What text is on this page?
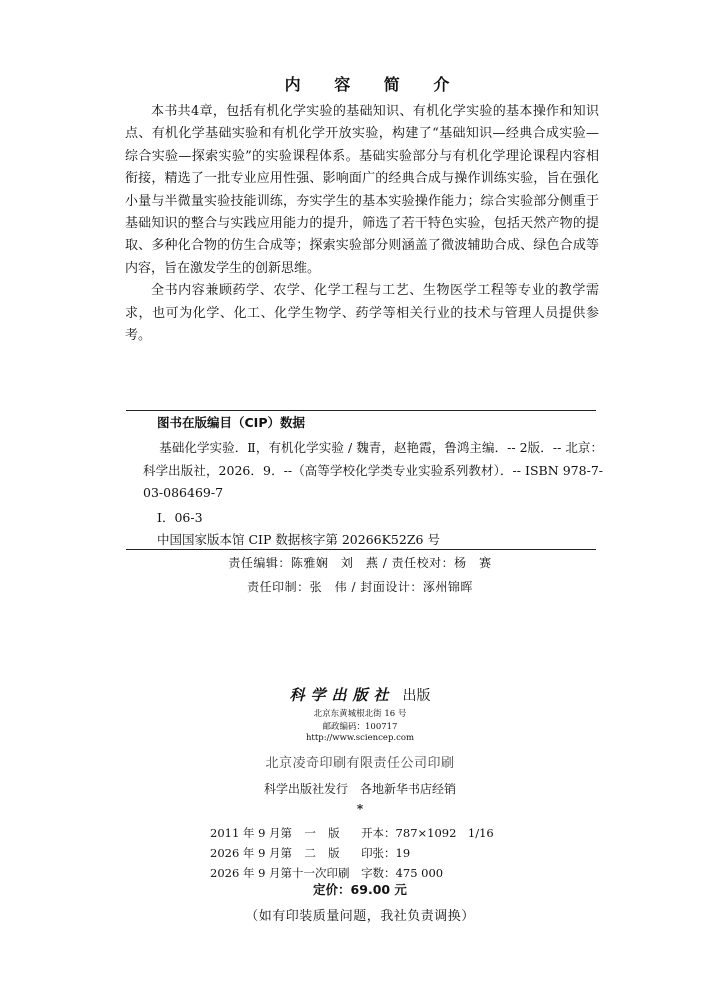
内 容 简 介

本书共4章，包括有机化学实验的基础知识、有机化学实验的基本操作和知识点、有机化学基础实验和有机化学开放实验，构建了“基础知识—经典合成实验—综合实验—探索实验”的实验课程体系。基础实验部分与有机化学理论课程内容相衔接，精选了一批专业应用性强、影响面广的经典合成与操作训练实验，旨在强化小量与半微量实验技能训练，夯实学生的基本实验操作能力；综合实验部分侧重于基础知识的整合与实践应用能力的提升，筛选了若干特色实验，包括天然产物的提取、多种化合物的仿生合成等；探索实验部分则涵盖了微波辅助合成、绿色合成等内容，旨在激发学生的创新思维。

全书内容兼顾药学、农学、化学工程与工艺、生物医学工程等专业的教学需求，也可为化学、化工、化学生物学、药学等相关行业的技术与管理人员提供参考。

图书在版编目（CIP）数据
基础化学实验．Ⅱ，有机化学实验 / 魏青，赵艳霞，鲁鸿主编．-- 2版．-- 北京：科学出版社，2026．9．--（高等学校化学类专业实验系列教材）．-- ISBN 978-7-03-086469-7
Ⅰ．06-3
中国国家版本馆 CIP 数据核字第 20266K52Z6 号
责任编辑：陈雅娴　刘　燕 / 责任校对：杨　赛
责任印制：张　伟 / 封面设计：涿州锦晖
科学出版社 出版
北京东黄城根北街 16 号
邮政编码：100717
http://www.sciencep.com
北京凌奇印刷有限责任公司印刷
科学出版社发行　各地新华书店经销
*
2011 年 9 月第	一	版	开本：787×1092　1/16
2026 年 9 月第	二	版	印张：19
2026 年 9 月第十一次印刷			字数：475 000
定价：69.00 元
（如有印装质量问题，我社负责调换）
